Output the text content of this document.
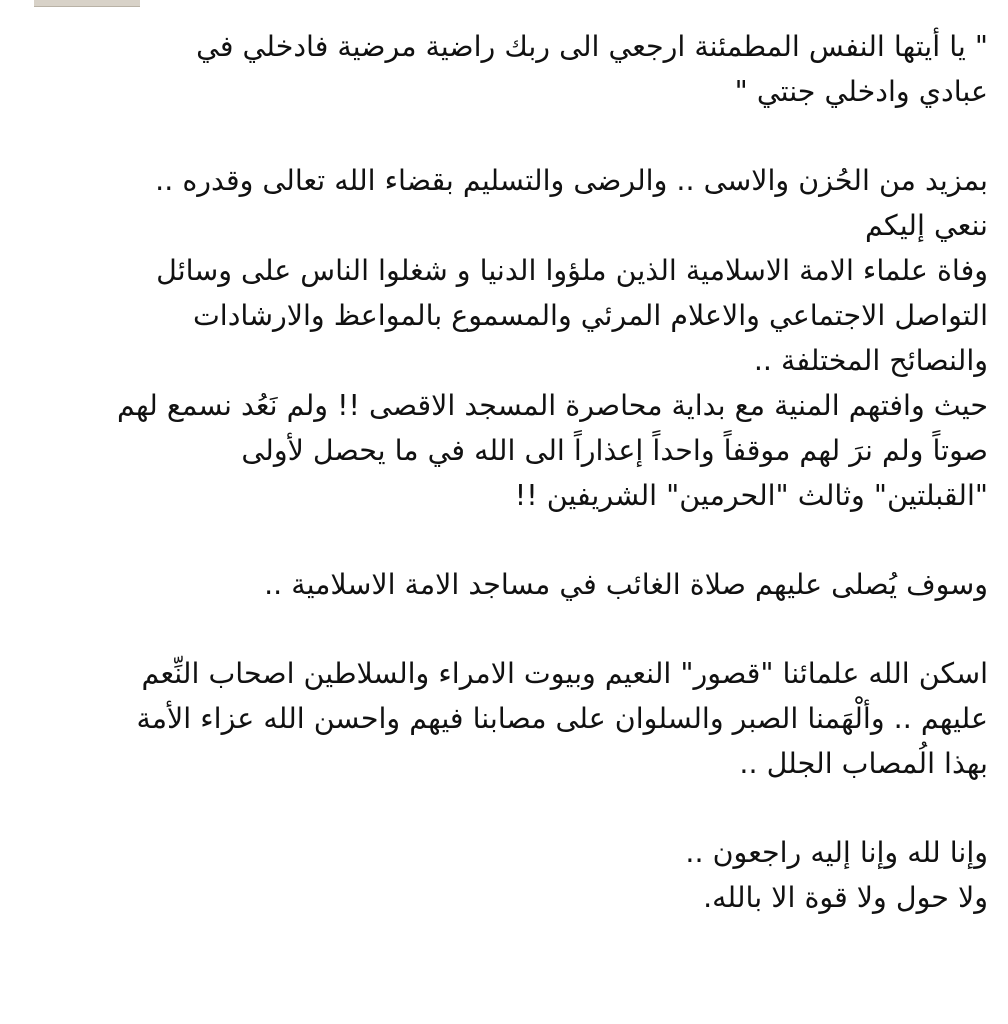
" يا أيتها النفس المطمئنة ارجعي الى ربك راضية مرضية فادخلي في
عبادي وادخلي جنتي "
بمزيد من الحُزن والاسى .. والرضى والتسليم بقضاء الله تعالى وقدره ..
ننعي إليكم
وفاة علماء الامة الاسلامية الذين ملؤوا الدنيا و شغلوا الناس على وسائل
التواصل الاجتماعي والاعلام المرئي والمسموع بالمواعظ والارشادات
والنصائح المختلفة ..
حيث وافتهم المنية مع بداية محاصرة المسجد الاقصى !! ولم نَعُد نسمع لهم
صوتاً ولم نرَ لهم موقفاً واحداً إعذاراً الى الله في ما يحصل لأولى
"القبلتين" وثالث "الحرمين" الشريفين !!
وسوف يُصلى عليهم صلاة الغائب في مساجد الامة الاسلامية ..
اسكن الله علمائنا "قصور" النعيم وبيوت الامراء والسلاطين اصحاب النِّعم
عليهم .. وألْهَمنا الصبر والسلوان على مصابنا فيهم واحسن الله عزاء الأمة
بهذا الُمصاب الجلل ..
وإنا لله وإنا إليه راجعون ..
ولا حول ولا قوة الا بالله.
